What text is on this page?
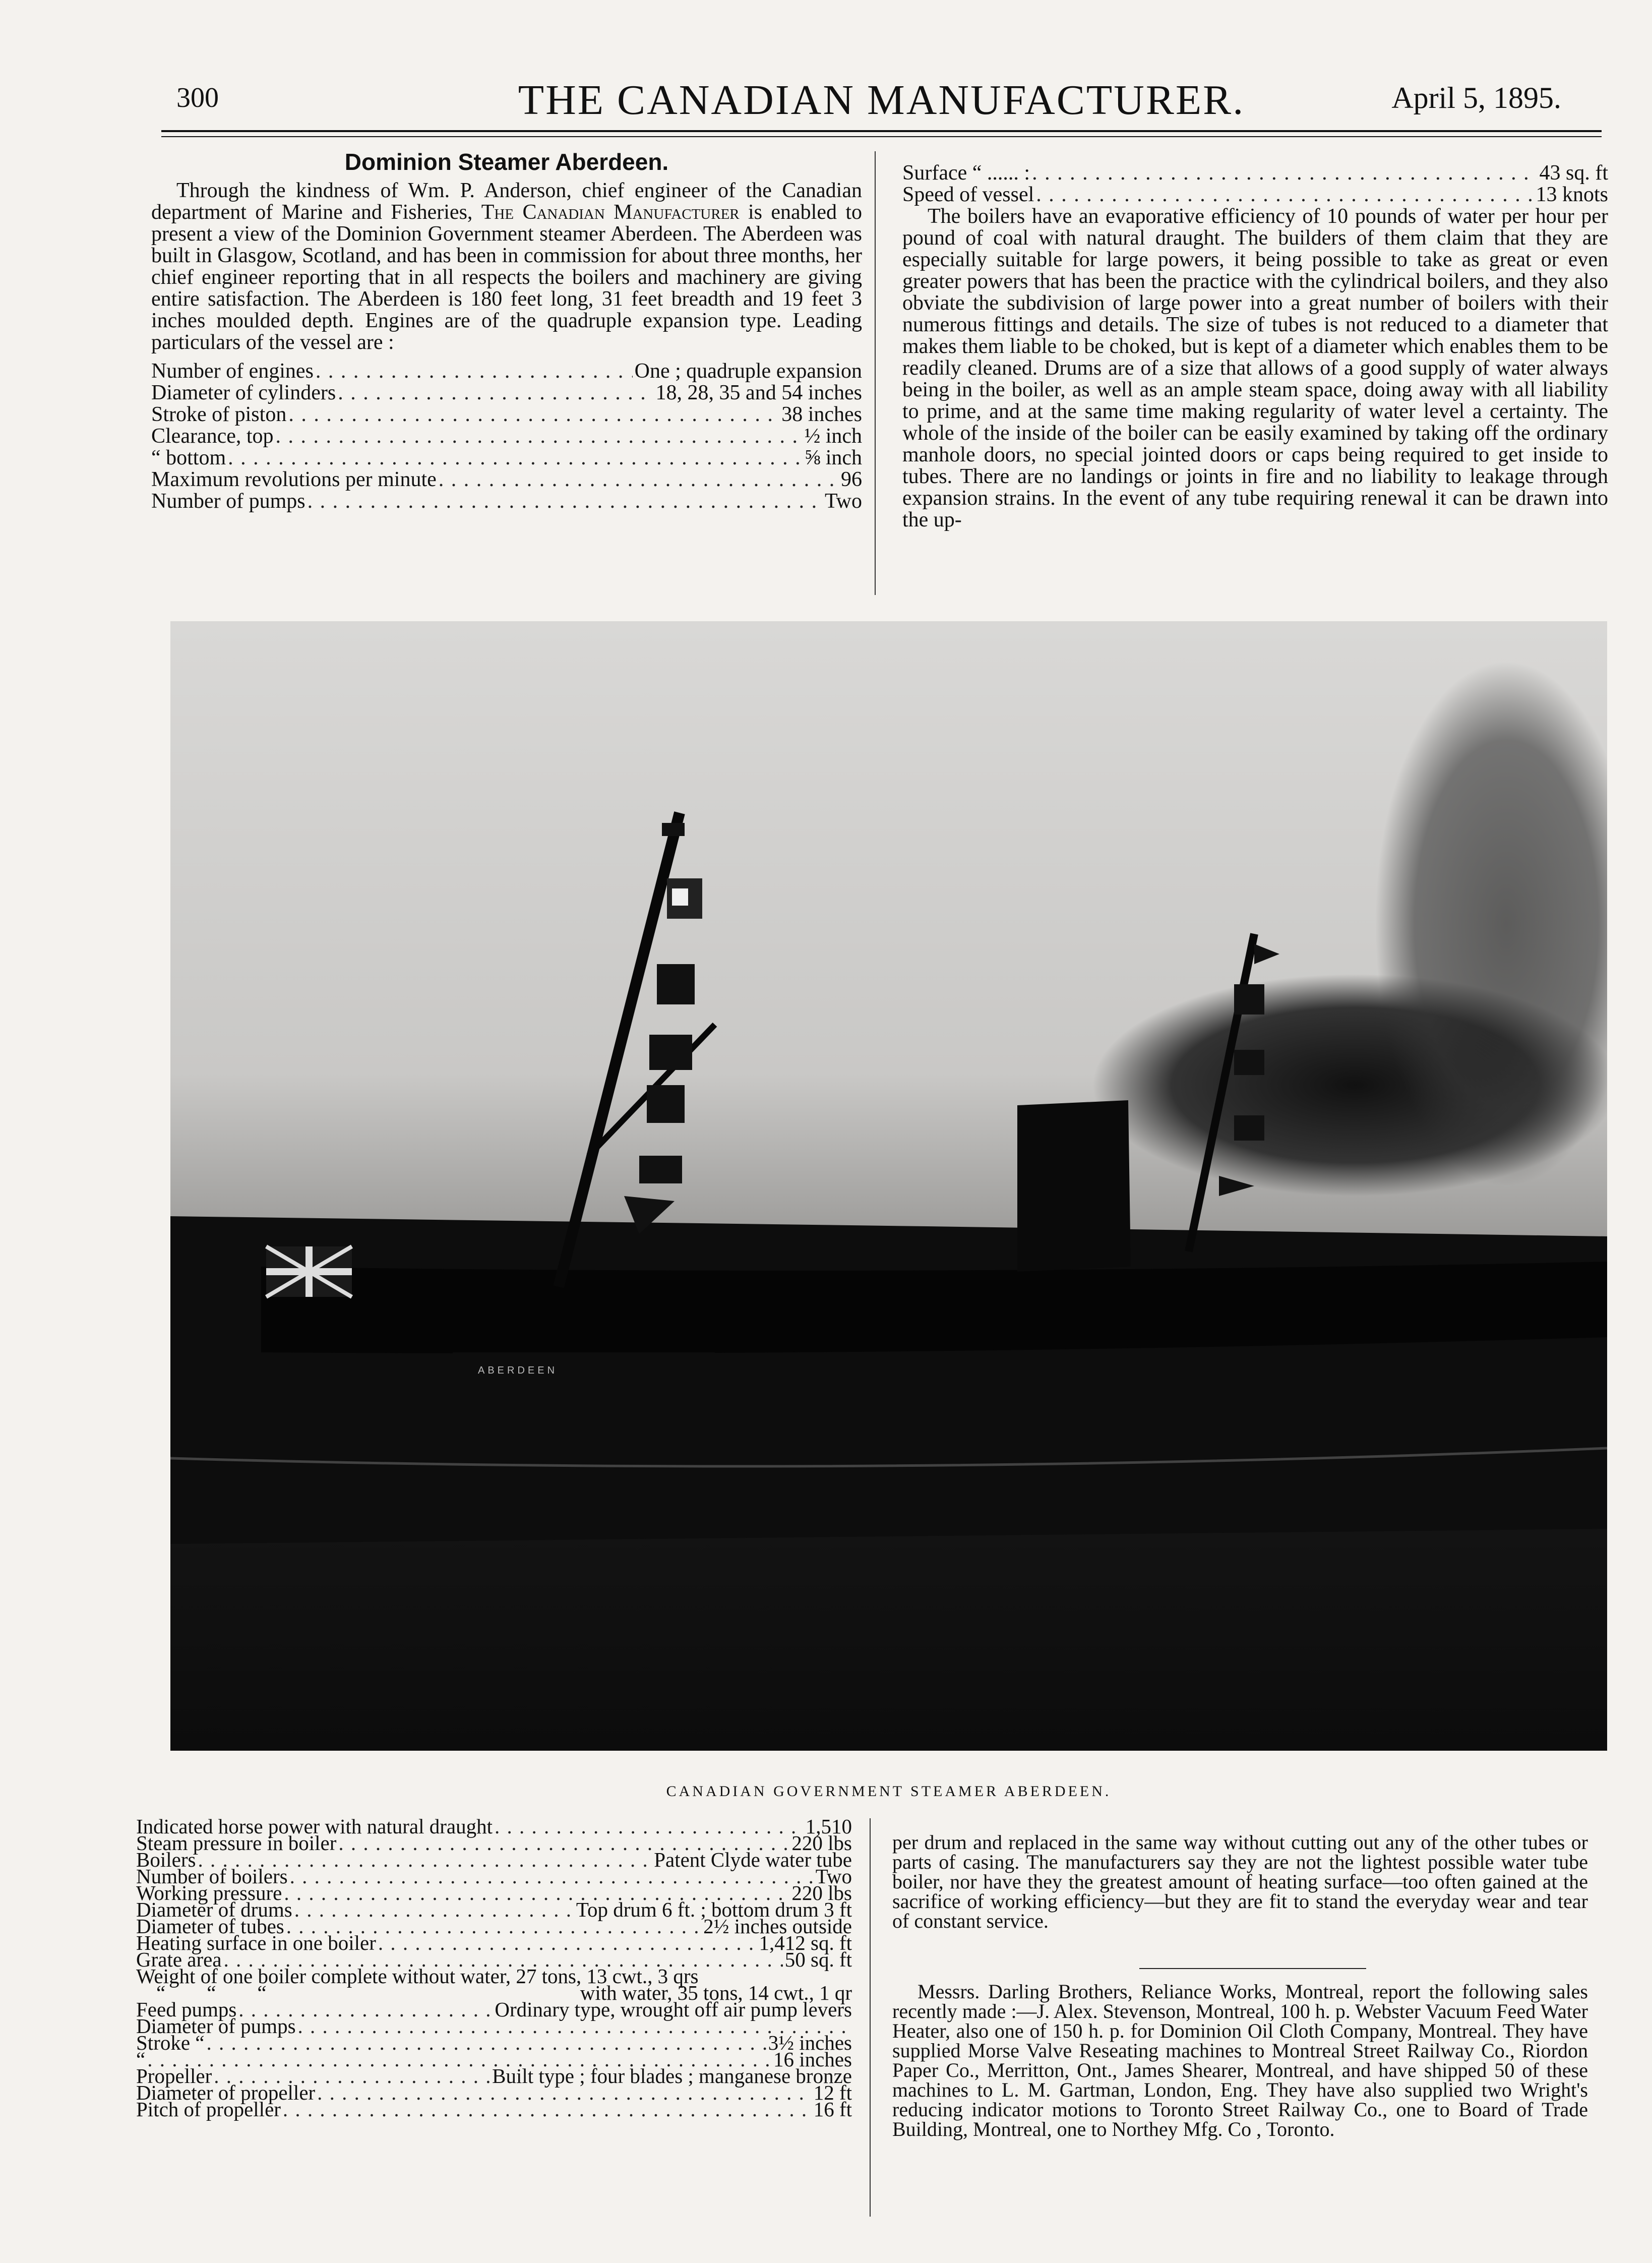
300	THE CANADIAN MANUFACTURER.	April 5, 1895.
Dominion Steamer Aberdeen.

Through the kindness of Wm. P. Anderson, chief engineer of the Canadian department of Marine and Fisheries, The Canadian Manufacturer is enabled to present a view of the Dominion Government steamer Aberdeen. The Aberdeen was built in Glasgow, Scotland, and has been in commission for about three months, her chief engineer reporting that in all respects the boilers and machinery are giving entire satisfaction. The Aberdeen is 180 feet long, 31 feet breadth and 19 feet 3 inches moulded depth. Engines are of the quadruple expansion type. Leading particulars of the vessel are :

Number of engines . . .	One ; quadruple expansion
Diameter of cylinders . . .	18, 28, 35 and 54 inches
Stroke of piston . . .	38 inches
Clearance, top . . .	½ inch
“ bottom . . .	⅝ inch
Maximum revolutions per minute . . .	96
Number of pumps . . .	Two
Surface “ ...... : . . .	43 sq. ft
Speed of vessel . . .	13 knots

The boilers have an evaporative efficiency of 10 pounds of water per hour per pound of coal with natural draught. The builders of them claim that they are especially suitable for large powers, it being possible to take as great or even greater powers that has been the practice with the cylindrical boilers, and they also obviate the subdivision of large power into a great number of boilers with their numerous fittings and details. The size of tubes is not reduced to a diameter that makes them liable to be choked, but is kept of a diameter which enables them to be readily cleaned. Drums are of a size that allows of a good supply of water always being in the boiler, as well as an ample steam space, doing away with all liability to prime, and at the same time making regularity of water level a certainty. The whole of the inside of the boiler can be easily examined by taking off the ordinary manhole doors, no special jointed doors or caps being required to get inside to tubes. There are no landings or joints in fire and no liability to leakage through expansion strains. In the event of any tube requiring renewal it can be drawn into the up-

ABERDEEN
CANADIAN GOVERNMENT STEAMER ABERDEEN.
Indicated horse power with natural draught . . .	1,510
Steam pressure in boiler . . .	220 lbs
Boilers . . .	Patent Clyde water tube
Number of boilers . . .	Two
Working pressure . . .	220 lbs
Diameter of drums . . .	Top drum 6 ft. ; bottom drum 3 ft
Diameter of tubes . . .	2½ inches outside
Heating surface in one boiler . . .	1,412 sq. ft
Grate area . . .	50 sq. ft
Weight of one boiler complete without water, 27 tons, 13 cwt., 3 qrs
“        “        “	with water, 35 tons, 14 cwt., 1 qr
Feed pumps . . .	Ordinary type, wrought off air pump levers
Diameter of pumps
. . .
Stroke “ . . .	3½ inches
“ . . .	16 inches
Propeller . . .	Built type ; four blades ; manganese bronze
Diameter of propeller . . .	12 ft
Pitch of propeller . . .	16 ft

per drum and replaced in the same way without cutting out any of the other tubes or parts of casing. The manufacturers say they are not the lightest possible water tube boiler, nor have they the greatest amount of heating surface—too often gained at the sacrifice of working efficiency—but they are fit to stand the everyday wear and tear of constant service.

Messrs. Darling Brothers, Reliance Works, Montreal, report the following sales recently made :—J. Alex. Stevenson, Montreal, 100 h. p. Webster Vacuum Feed Water Heater, also one of 150 h. p. for Dominion Oil Cloth Company, Montreal. They have supplied Morse Valve Reseating machines to Montreal Street Railway Co., Riordon Paper Co., Merritton, Ont., James Shearer, Montreal, and have shipped 50 of these machines to L. M. Gartman, London, Eng. They have also supplied two Wright's reducing indicator motions to Toronto Street Railway Co., one to Board of Trade Building, Montreal, one to Northey Mfg. Co , Toronto.
